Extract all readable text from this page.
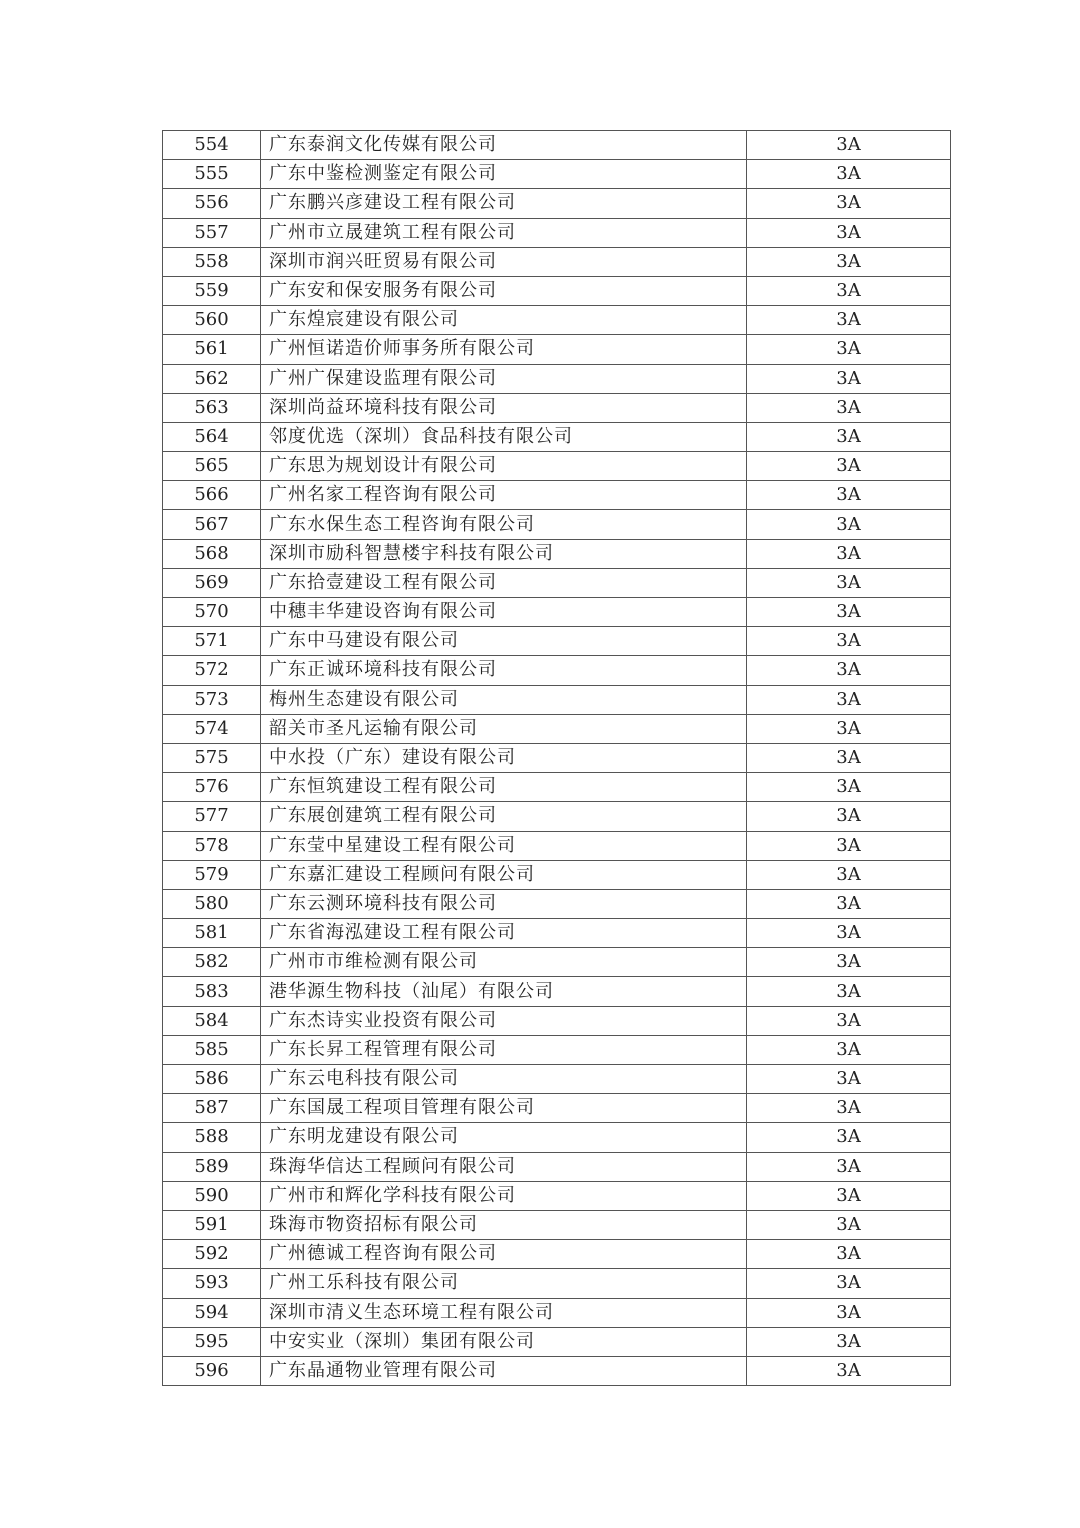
554	广东泰润文化传媒有限公司	3A
555	广东中鉴检测鉴定有限公司	3A
556	广东鹏兴彦建设工程有限公司	3A
557	广州市立晟建筑工程有限公司	3A
558	深圳市润兴旺贸易有限公司	3A
559	广东安和保安服务有限公司	3A
560	广东煌宸建设有限公司	3A
561	广州恒诺造价师事务所有限公司	3A
562	广州广保建设监理有限公司	3A
563	深圳尚益环境科技有限公司	3A
564	邻度优选（深圳）食品科技有限公司	3A
565	广东思为规划设计有限公司	3A
566	广州名家工程咨询有限公司	3A
567	广东水保生态工程咨询有限公司	3A
568	深圳市励科智慧楼宇科技有限公司	3A
569	广东拾壹建设工程有限公司	3A
570	中穗丰华建设咨询有限公司	3A
571	广东中马建设有限公司	3A
572	广东正诚环境科技有限公司	3A
573	梅州生态建设有限公司	3A
574	韶关市圣凡运输有限公司	3A
575	中水投（广东）建设有限公司	3A
576	广东恒筑建设工程有限公司	3A
577	广东展创建筑工程有限公司	3A
578	广东莹中星建设工程有限公司	3A
579	广东嘉汇建设工程顾问有限公司	3A
580	广东云测环境科技有限公司	3A
581	广东省海泓建设工程有限公司	3A
582	广州市市维检测有限公司	3A
583	港华源生物科技（汕尾）有限公司	3A
584	广东杰诗实业投资有限公司	3A
585	广东长昇工程管理有限公司	3A
586	广东云电科技有限公司	3A
587	广东国晟工程项目管理有限公司	3A
588	广东明龙建设有限公司	3A
589	珠海华信达工程顾问有限公司	3A
590	广州市和辉化学科技有限公司	3A
591	珠海市物资招标有限公司	3A
592	广州德诚工程咨询有限公司	3A
593	广州工乐科技有限公司	3A
594	深圳市清义生态环境工程有限公司	3A
595	中安实业（深圳）集团有限公司	3A
596	广东晶通物业管理有限公司	3A
